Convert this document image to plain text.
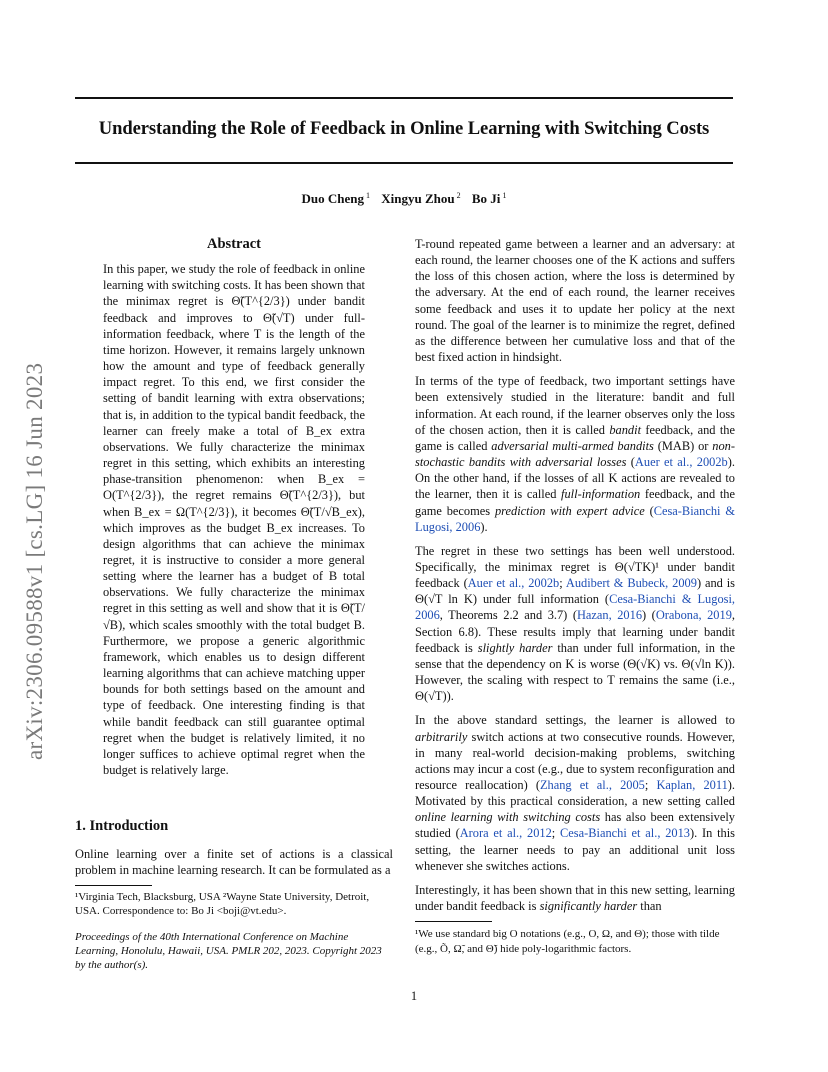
Understanding the Role of Feedback in Online Learning with Switching Costs
Duo Cheng $^1$ Xingyu Zhou $^2$ Bo Ji $^1$
arXiv:2306.09588v1 [cs.LG] 16 Jun 2023
Abstract

In this paper, we study the role of feedback in online learning with switching costs. It has been shown that the minimax regret is Θ̃(T^{2/3}) under bandit feedback and improves to Θ̃(√T) under full-information feedback, where T is the length of the time horizon. However, it remains largely unknown how the amount and type of feedback generally impact regret. To this end, we first consider the setting of bandit learning with extra observations; that is, in addition to the typical bandit feedback, the learner can freely make a total of B_ex extra observations. We fully characterize the minimax regret in this setting, which exhibits an interesting phase-transition phenomenon: when B_ex = O(T^{2/3}), the regret remains Θ̃(T^{2/3}), but when B_ex = Ω(T^{2/3}), it becomes Θ̃(T/√B_ex), which improves as the budget B_ex increases. To design algorithms that can achieve the minimax regret, it is instructive to consider a more general setting where the learner has a budget of B total observations. We fully characterize the minimax regret in this setting as well and show that it is Θ̃(T/√B), which scales smoothly with the total budget B. Furthermore, we propose a generic algorithmic framework, which enables us to design different learning algorithms that can achieve matching upper bounds for both settings based on the amount and type of feedback. One interesting finding is that while bandit feedback can still guarantee optimal regret when the budget is relatively limited, it no longer suffices to achieve optimal regret when the budget is relatively large.

1. Introduction

Online learning over a finite set of actions is a classical problem in machine learning research. It can be formulated as a

¹Virginia Tech, Blacksburg, USA ²Wayne State University, Detroit, USA. Correspondence to: Bo Ji <boji@vt.edu>.

Proceedings of the 40th International Conference on Machine Learning, Honolulu, Hawaii, USA. PMLR 202, 2023. Copyright 2023 by the author(s).

T-round repeated game between a learner and an adversary: at each round, the learner chooses one of the K actions and suffers the loss of this chosen action, where the loss is determined by the adversary. At the end of each round, the learner receives some feedback and uses it to update her policy at the next round. The goal of the learner is to minimize the regret, defined as the difference between her cumulative loss and that of the best fixed action in hindsight.

In terms of the type of feedback, two important settings have been extensively studied in the literature: bandit and full information. At each round, if the learner observes only the loss of the chosen action, then it is called bandit feedback, and the game is called adversarial multi-armed bandits (MAB) or non-stochastic bandits with adversarial losses (Auer et al., 2002b). On the other hand, if the losses of all K actions are revealed to the learner, then it is called full-information feedback, and the game becomes prediction with expert advice (Cesa-Bianchi & Lugosi, 2006).

The regret in these two settings has been well understood. Specifically, the minimax regret is Θ(√TK)¹ under bandit feedback (Auer et al., 2002b; Audibert & Bubeck, 2009) and is Θ(√T ln K) under full information (Cesa-Bianchi & Lugosi, 2006, Theorems 2.2 and 3.7) (Hazan, 2016) (Orabona, 2019, Section 6.8). These results imply that learning under bandit feedback is slightly harder than under full information, in the sense that the dependency on K is worse (Θ(√K) vs. Θ(√ln K)). However, the scaling with respect to T remains the same (i.e., Θ(√T)).

In the above standard settings, the learner is allowed to arbitrarily switch actions at two consecutive rounds. However, in many real-world decision-making problems, switching actions may incur a cost (e.g., due to system reconfiguration and resource reallocation) (Zhang et al., 2005; Kaplan, 2011). Motivated by this practical consideration, a new setting called online learning with switching costs has also been extensively studied (Arora et al., 2012; Cesa-Bianchi et al., 2013). In this setting, the learner needs to pay an additional unit loss whenever she switches actions.

Interestingly, it has been shown that in this new setting, learning under bandit feedback is significantly harder than

¹We use standard big O notations (e.g., O, Ω, and Θ); those with tilde (e.g., Õ, Ω̃, and Θ̃) hide poly-logarithmic factors.

1
